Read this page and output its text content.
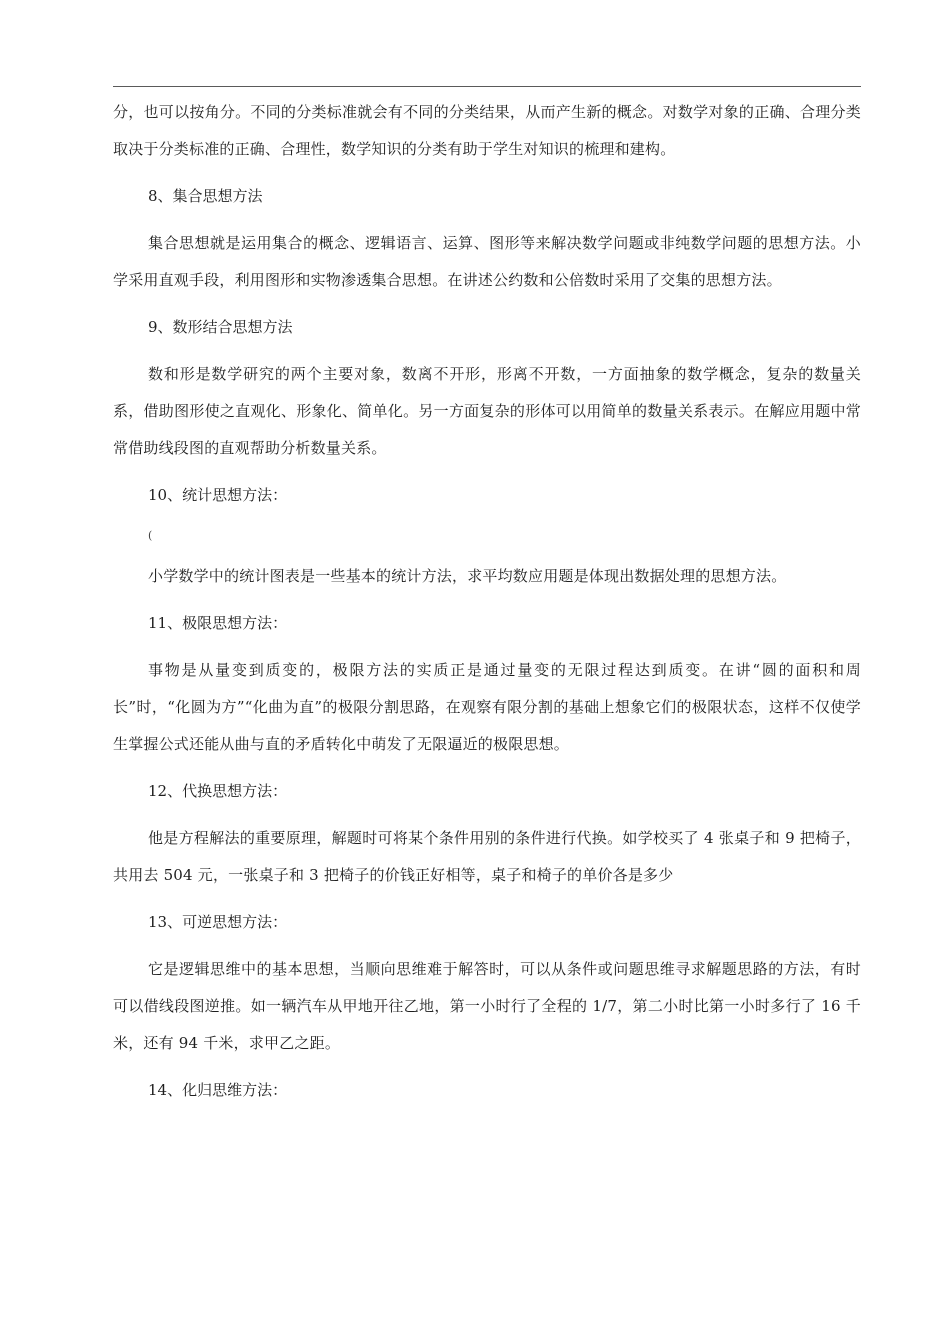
分，也可以按角分。不同的分类标准就会有不同的分类结果，从而产生新的概念。对数学对象的正确、合理分类取决于分类标准的正确、合理性，数学知识的分类有助于学生对知识的梳理和建构。

8、集合思想方法

集合思想就是运用集合的概念、逻辑语言、运算、图形等来解决数学问题或非纯数学问题的思想方法。小学采用直观手段，利用图形和实物渗透集合思想。在讲述公约数和公倍数时采用了交集的思想方法。

9、数形结合思想方法

数和形是数学研究的两个主要对象，数离不开形，形离不开数，一方面抽象的数学概念，复杂的数量关系，借助图形使之直观化、形象化、简单化。另一方面复杂的形体可以用简单的数量关系表示。在解应用题中常常借助线段图的直观帮助分析数量关系。

10、统计思想方法：

(

小学数学中的统计图表是一些基本的统计方法，求平均数应用题是体现出数据处理的思想方法。

11、极限思想方法：

事物是从量变到质变的，极限方法的实质正是通过量变的无限过程达到质变。在讲“圆的面积和周长”时，“化圆为方”“化曲为直”的极限分割思路，在观察有限分割的基础上想象它们的极限状态，这样不仅使学生掌握公式还能从曲与直的矛盾转化中萌发了无限逼近的极限思想。

12、代换思想方法：

他是方程解法的重要原理，解题时可将某个条件用别的条件进行代换。如学校买了 4 张桌子和 9 把椅子，共用去 504 元，一张桌子和 3 把椅子的价钱正好相等，桌子和椅子的单价各是多少

13、可逆思想方法：

它是逻辑思维中的基本思想，当顺向思维难于解答时，可以从条件或问题思维寻求解题思路的方法，有时可以借线段图逆推。如一辆汽车从甲地开往乙地，第一小时行了全程的 1/7，第二小时比第一小时多行了 16 千米，还有 94 千米，求甲乙之距。

14、化归思维方法：
